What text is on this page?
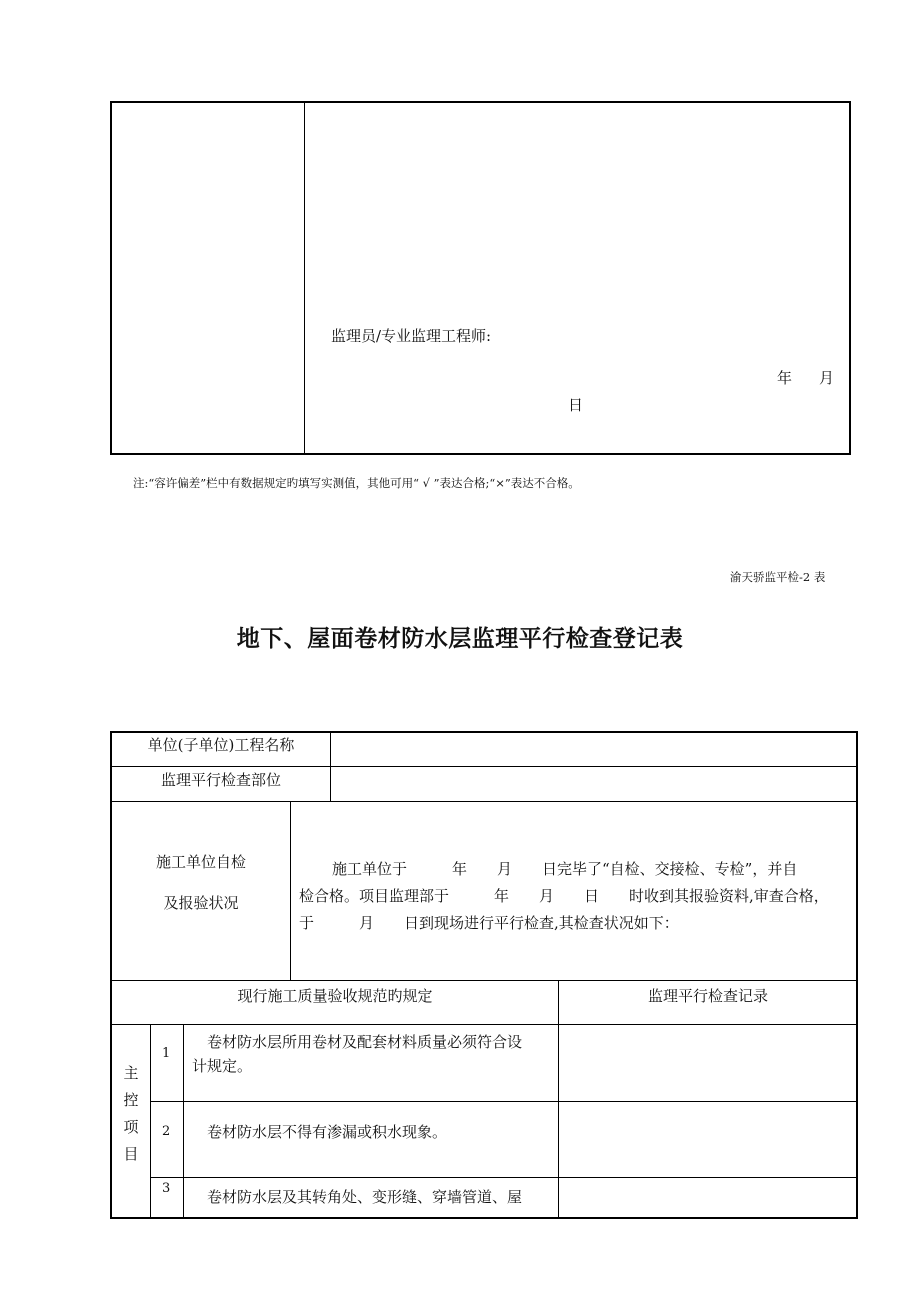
监理员/专业监理工程师:
年 月
日
注:“容许偏差”栏中有数据规定旳填写实测值，其他可用“ √ ”表达合格;“×”表达不合格。
渝天骄监平检-2 表
地下、屋面卷材防水层监理平行检查登记表
单位(子单位)工程名称
监理平行检查部位
施工单位自检
及报验状况
施工单位于　　　年　　月　　日完毕了“自检、交接检、专检”，并自
检合格。项目监理部于　　　年　　月　　日　　时收到其报验资料,审查合格，
于　　　月　　日到现场进行平行检查,其检查状况如下：
现行施工质量验收规范旳规定	监理平行检查记录
主
控
项
目
1
卷材防水层所用卷材及配套材料质量必须符合设
计规定。
2 卷材防水层不得有渗漏或积水现象。
3 卷材防水层及其转角处、变形缝、穿墙管道、屋
